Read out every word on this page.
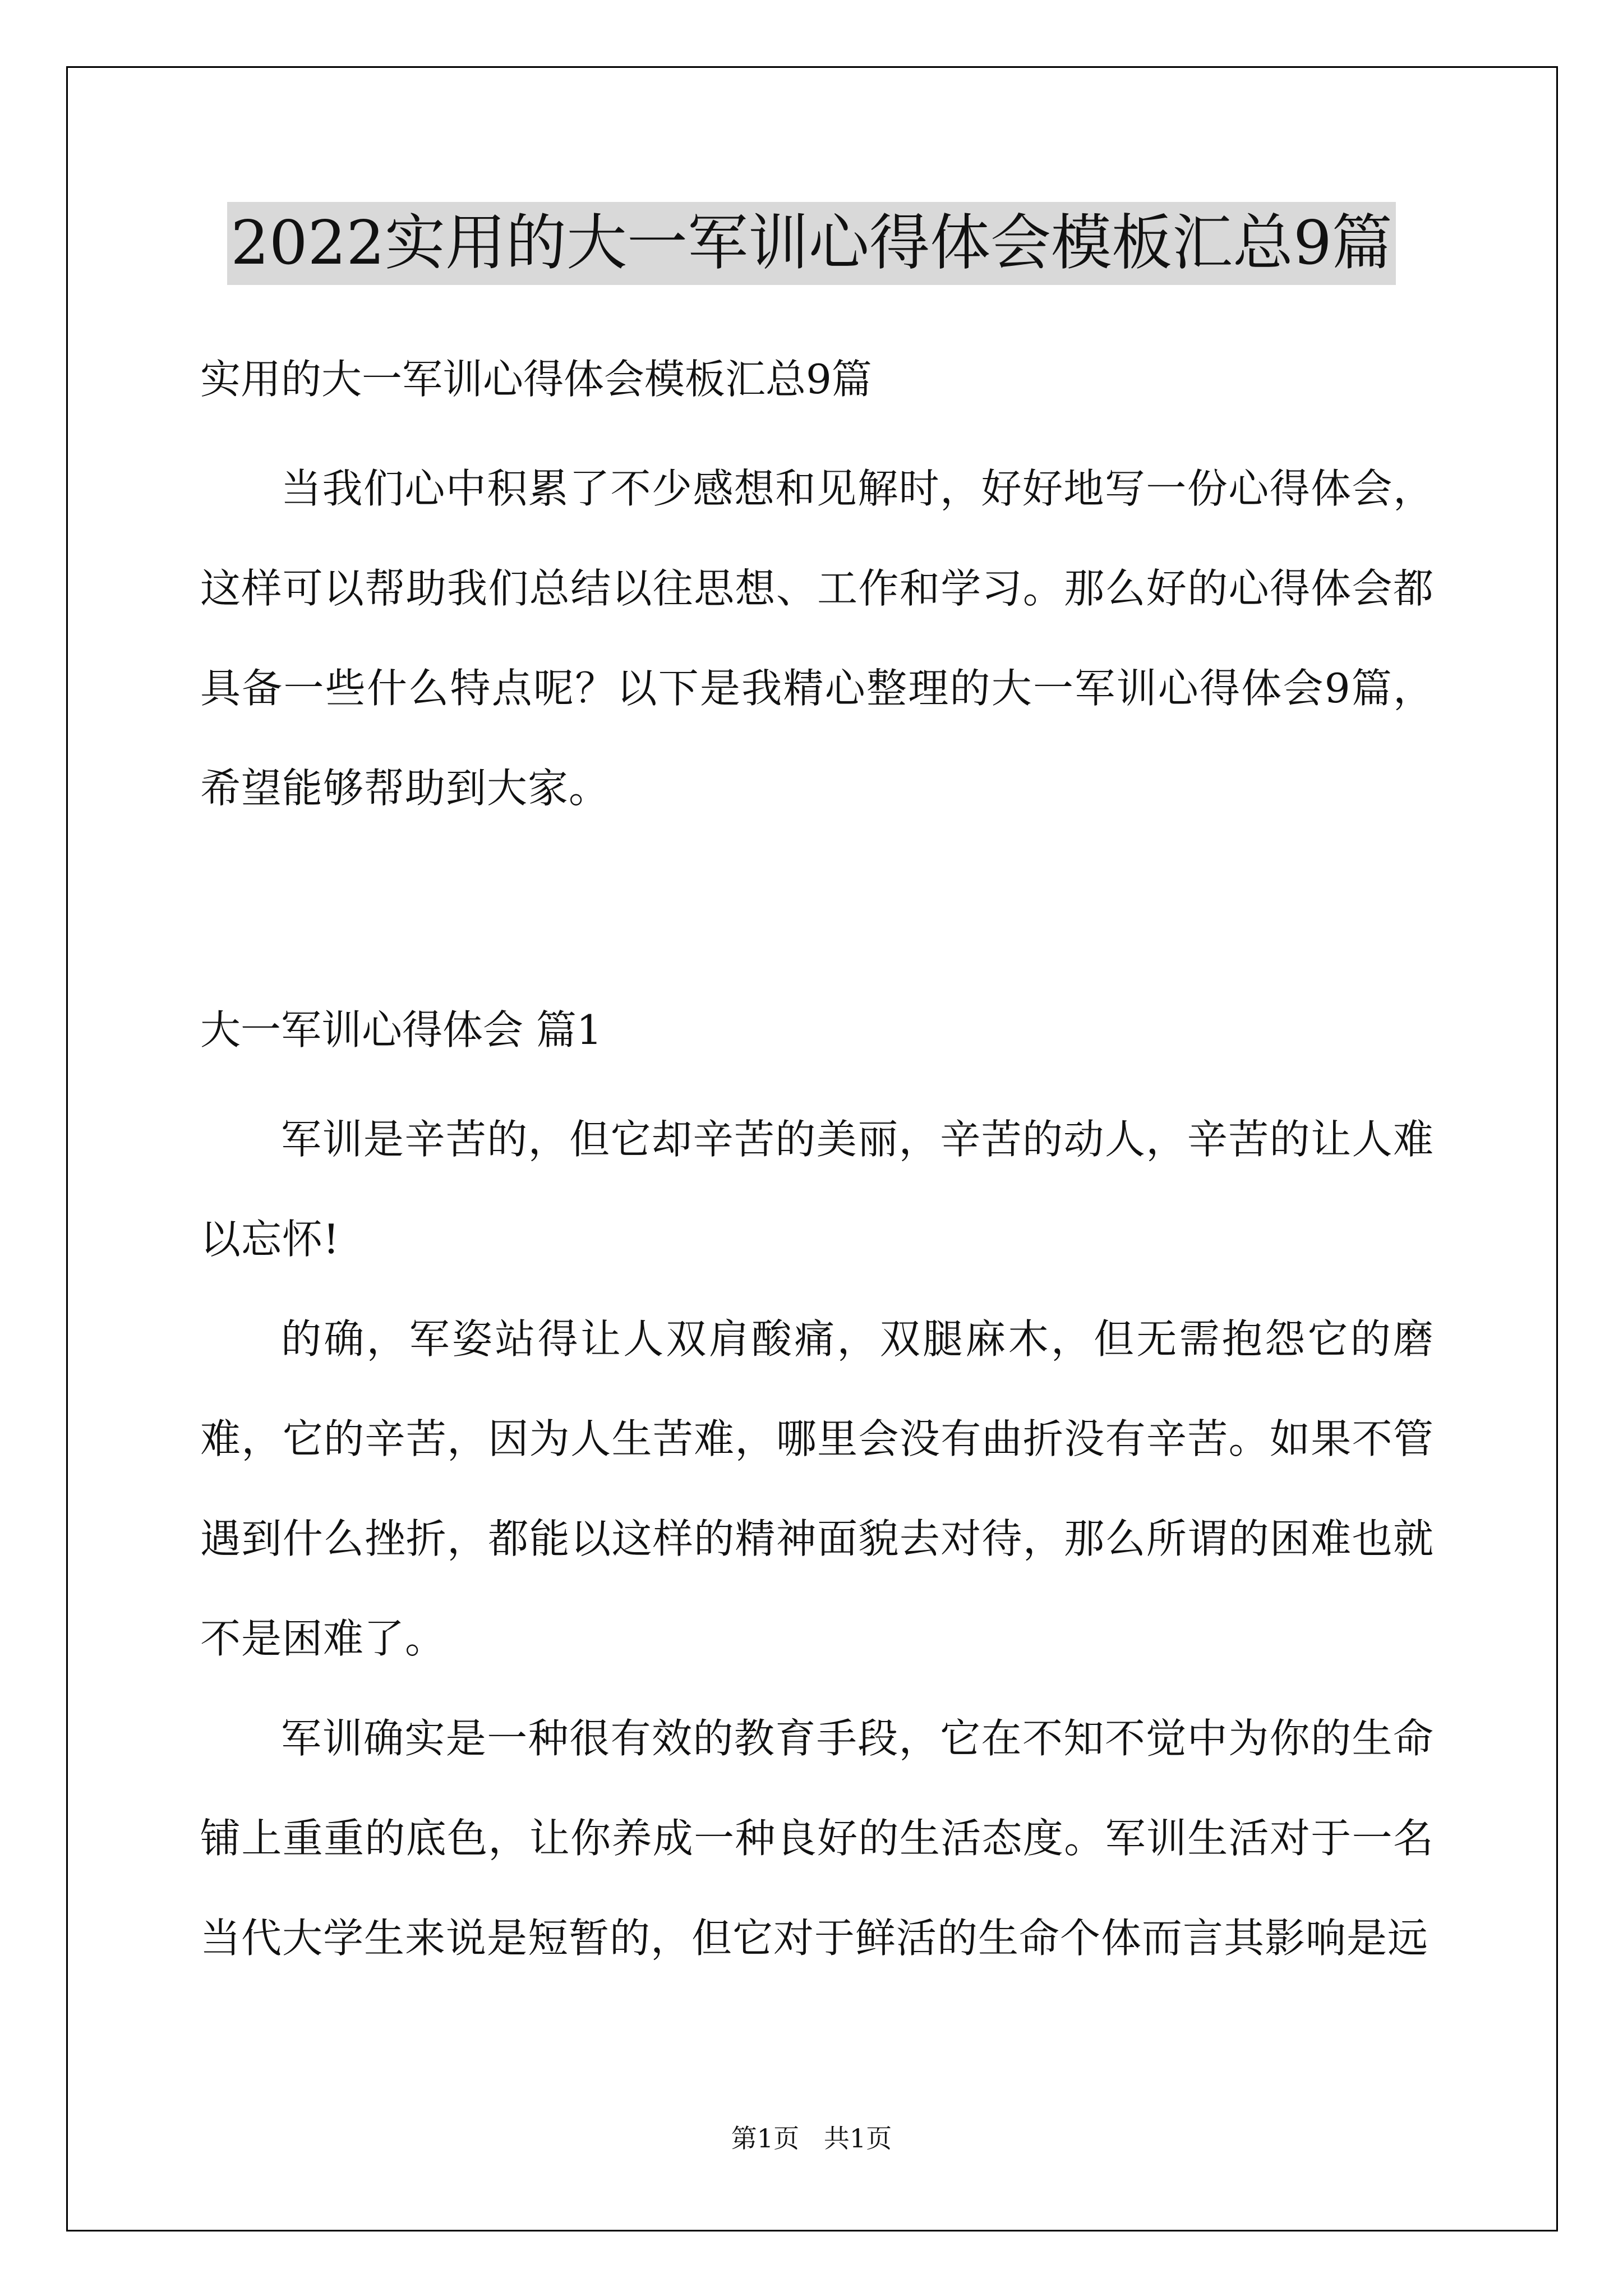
2022实用的大一军训心得体会模板汇总9篇
实用的大一军训心得体会模板汇总9篇
当我们心中积累了不少感想和见解时，好好地写一份心得体会，这样可以帮助我们总结以往思想、工作和学习。那么好的心得体会都具备一些什么特点呢？以下是我精心整理的大一军训心得体会9篇，希望能够帮助到大家。
大一军训心得体会 篇1
军训是辛苦的，但它却辛苦的美丽，辛苦的动人，辛苦的让人难以忘怀!
的确，军姿站得让人双肩酸痛，双腿麻木，但无需抱怨它的磨难，它的辛苦，因为人生苦难，哪里会没有曲折没有辛苦。如果不管遇到什么挫折，都能以这样的精神面貌去对待，那么所谓的困难也就不是困难了。
军训确实是一种很有效的教育手段，它在不知不觉中为你的生命铺上重重的底色，让你养成一种良好的生活态度。军训生活对于一名当代大学生来说是短暂的，但它对于鲜活的生命个体而言其影响是远
第1页   共1页
